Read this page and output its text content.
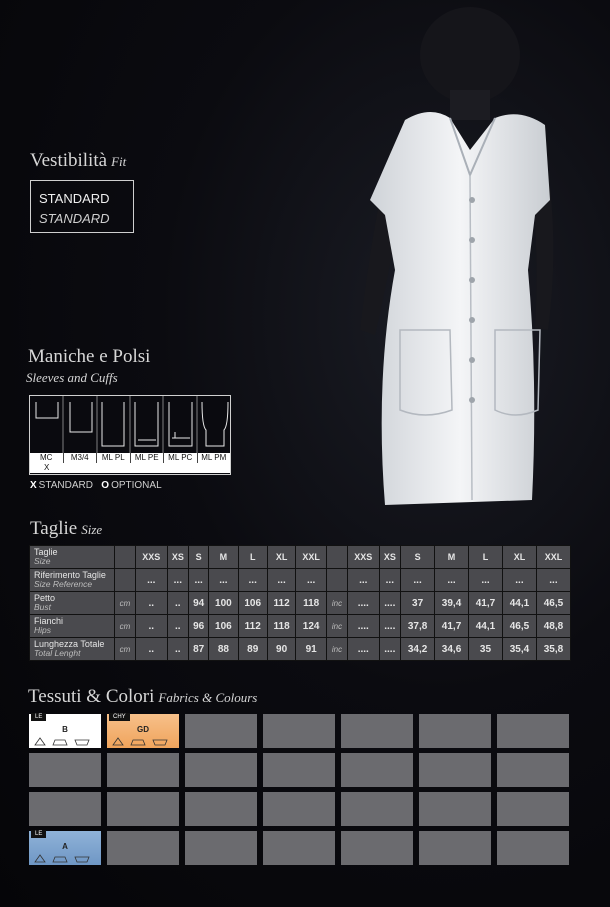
Vestibilità Fit
STANDARD
STANDARD
Maniche e Polsi
Sleeves and Cuffs
MC	M3/4	ML PL	ML PE	ML PC	ML PM
X
X STANDARD O OPTIONAL
Taglie Size
Taglie
Size		XXS	XS	S	M	L	XL	XXL		XXS	XS	S	M	L	XL	XXL

Riferimento Taglie
Size Reference		...	...	...	...	...	...	...		...	...	...	...	...	...	...

Petto
Bust	cm	..	..	94	100	106	112	118	inc	....	....	37	39,4	41,7	44,1	46,5

Fianchi
Hips	cm	..	..	96	106	112	118	124	inc	....	....	37,8	41,7	44,1	46,5	48,8

Lunghezza Totale
Total Lenght	cm	..	..	87	88	89	90	91	inc	....	....	34,2	34,6	35	35,4	35,8
Tessuti & Colori Fabrics & Colours
LE
B
CHY
GD
LE
A
